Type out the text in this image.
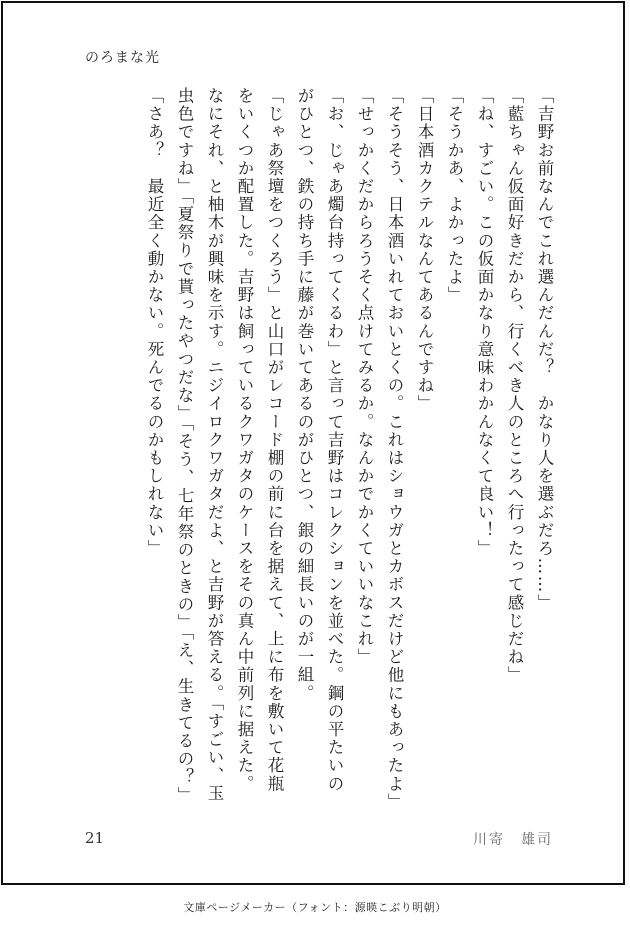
のろまな光

「吉野お前なんでこれ選んだんだ？　かなり人を選ぶだろ……」

「藍ちゃん仮面好きだから、行くべき人のところへ行ったって感じだね」

「ね、すごい。この仮面かなり意味わかんなくて良い！」

「そうかあ、よかったよ」

「日本酒カクテルなんてあるんですね」

「そうそう、日本酒いれておいとくの。これはショウガとカボスだけど他にもあったよ」

「せっかくだからろうそく点けてみるか。なんかでかくていいなこれ」

「お、じゃあ燭台持ってくるわ」と言って吉野はコレクションを並べた。鋼の平たいのがひとつ、鉄の持ち手に藤が巻いてあるのがひとつ、銀の細長いのが一組。

「じゃあ祭壇をつくろう」と山口がレコード棚の前に台を据えて、上に布を敷いて花瓶をいくつか配置した。吉野は飼っているクワガタのケースをその真ん中前列に据えた。なにそれ、と柚木が興味を示す。ニジイロクワガタだよ、と吉野が答える。「すごい、玉虫色ですね」「夏祭りで貰ったやつだな」「そう、七年祭のときの」「え、生きてるの？」「さあ？　最近全く動かない。死んでるのかもしれない」

21	川寄　雄司
文庫ページメーカー（フォント：源暎こぶり明朝）
